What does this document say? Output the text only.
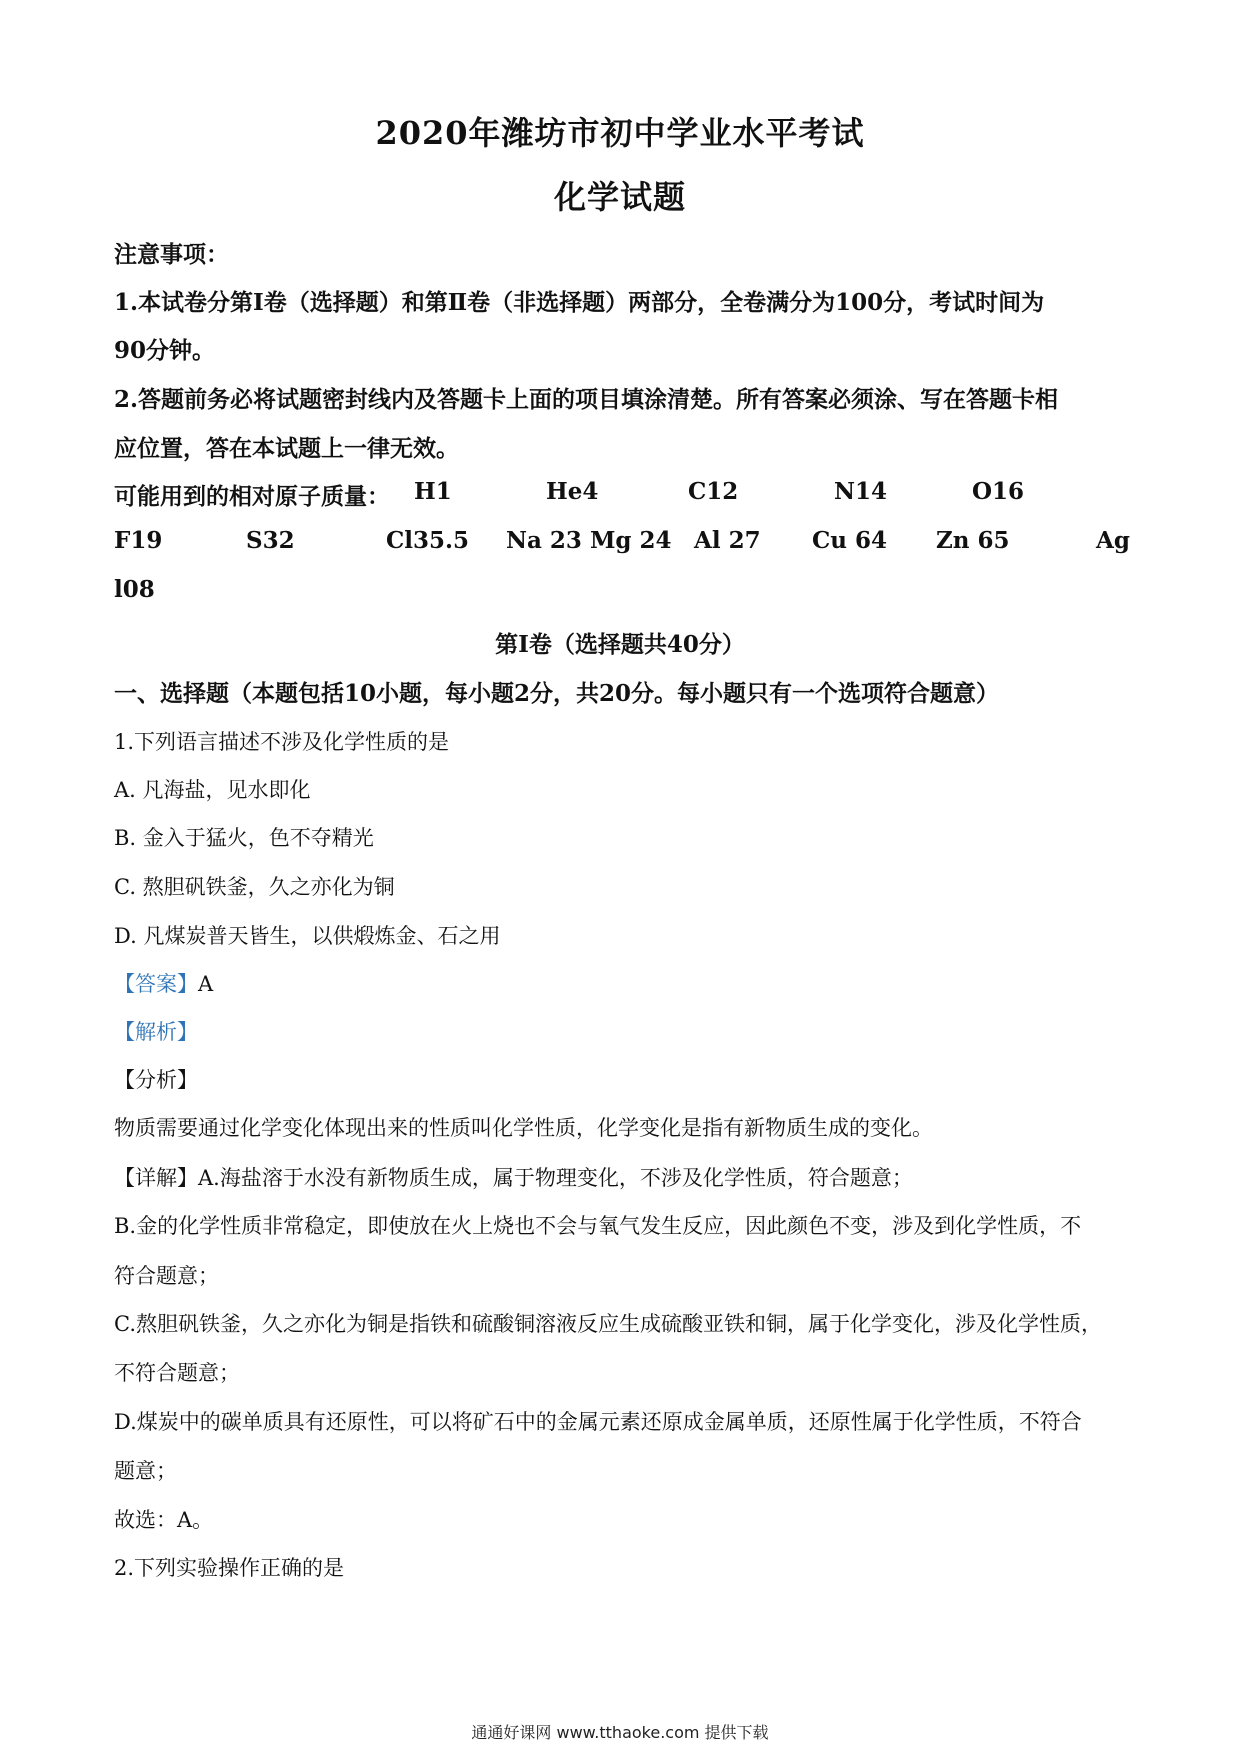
2020年潍坊市初中学业水平考试
化学试题
注意事项：
1.本试卷分第Ⅰ卷（选择题）和第Ⅱ卷（非选择题）两部分，全卷满分为100分，考试时间为
90分钟。
2.答题前务必将试题密封线内及答题卡上面的项目填涂清楚。所有答案必须涂、写在答题卡相
应位置，答在本试题上一律无效。
可能用到的相对原子质量： H1	He4	C12	N14	O16
F19	S32	Cl35.5 Na 23 Mg 24 Al 27 Cu 64 Zn 65	Ag
l08
第I卷（选择题共40分）
一、选择题（本题包括10小题，每小题2分，共20分。每小题只有一个选项符合题意）
1.下列语言描述不涉及化学性质的是
A. 凡海盐，见水即化
B. 金入于猛火，色不夺精光
C. 熬胆矾铁釜，久之亦化为铜
D. 凡煤炭普天皆生，以供煅炼金、石之用
【答案】A
【解析】
【分析】
物质需要通过化学变化体现出来的性质叫化学性质，化学变化是指有新物质生成的变化。
【详解】A.海盐溶于水没有新物质生成，属于物理变化，不涉及化学性质，符合题意；
B.金的化学性质非常稳定，即使放在火上烧也不会与氧气发生反应，因此颜色不变，涉及到化学性质，不
符合题意；
C.熬胆矾铁釜，久之亦化为铜是指铁和硫酸铜溶液反应生成硫酸亚铁和铜，属于化学变化，涉及化学性质，
不符合题意；
D.煤炭中的碳单质具有还原性，可以将矿石中的金属元素还原成金属单质，还原性属于化学性质，不符合
题意；
故选：A。
2.下列实验操作正确的是
通通好课网 www.tthaoke.com 提供下载
